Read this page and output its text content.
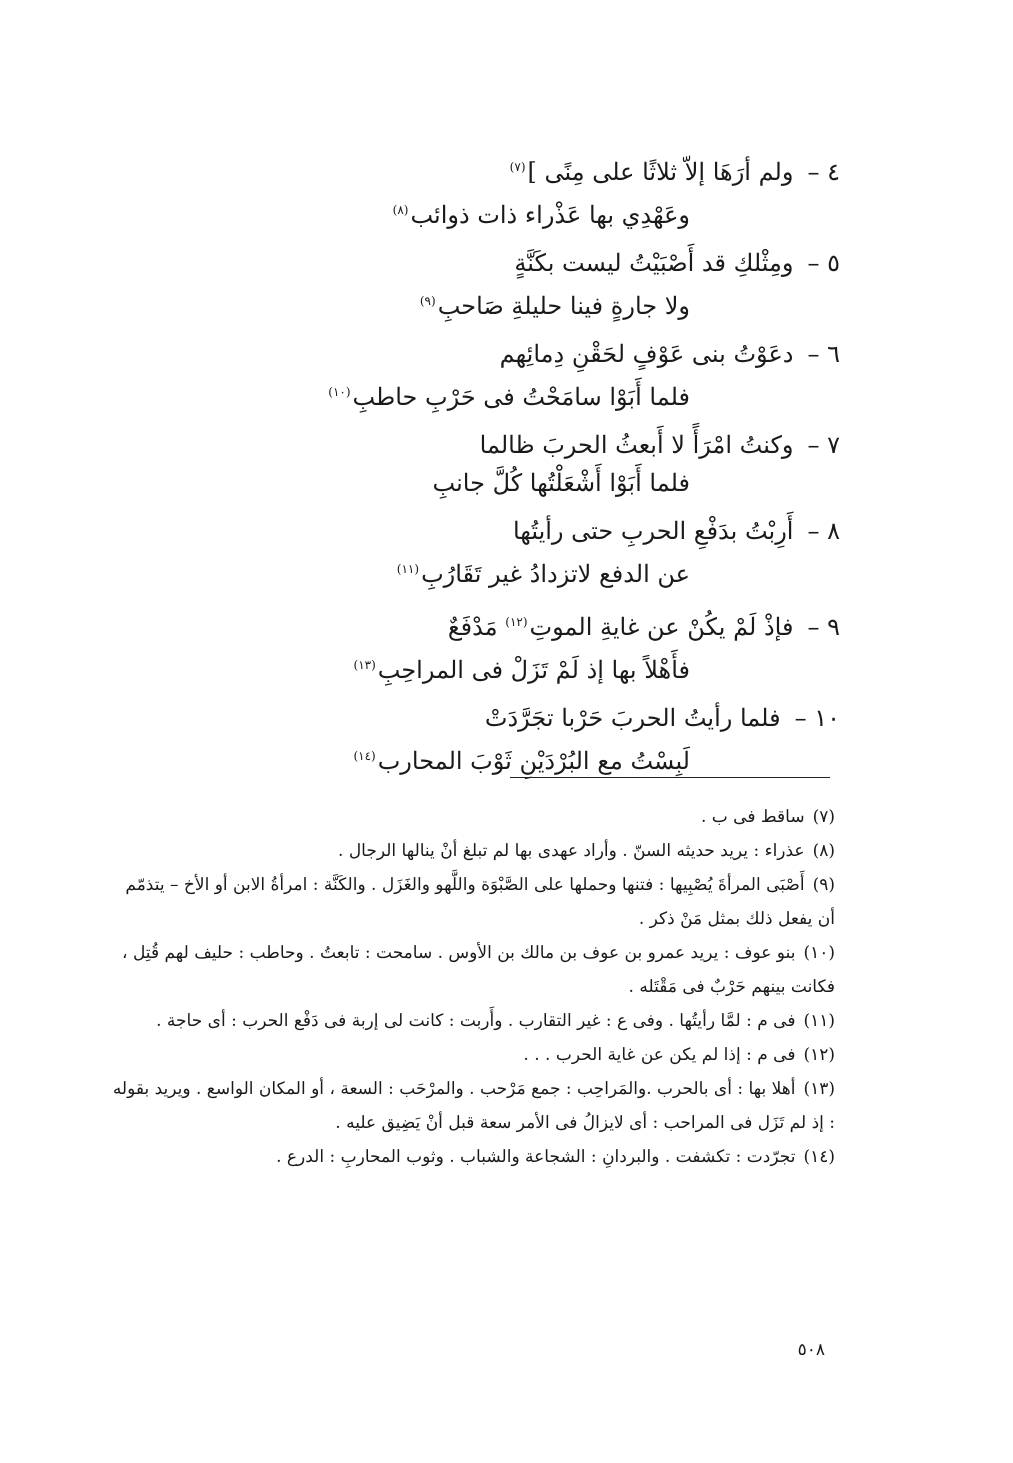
٤ –ولم أرَهَا إلاّ ثلاثًا على مِنًى ]$^{(٧)}$
وعَهْدِي بها عَذْراء ذات ذوائب$^{(٨)}$
٥ –ومِثْلكِ قد أَصْبَيْتُ ليست بكَنَّةٍ
ولا جارةٍ فينا حليلةِ صَاحبِ$^{(٩)}$
٦ –دعَوْتُ بنى عَوْفٍ لحَقْنِ دِمائِهم
فلما أَبَوْا سامَحْتُ فى حَرْبِ حاطبِ$^{(١٠)}$
٧ –وكنتُ امْرَأً لا أَبعثُ الحربَ ظالما
فلما أَبَوْا أَشْعَلْتُها كُلَّ جانبِ
٨ –أَرِبْتُ بدَفْعِ الحربِ حتى رأيتُها
عن الدفع لاتزدادُ غير تَقَارُبِ$^{(١١)}$
٩ –فإذْ لَمْ يكُنْ عن غايةِ الموتِ$^{(١٢)}$ مَدْفَعٌ
فأَهْلاً بها إذ لَمْ تَزَلْ فى المراحِبِ$^{(١٣)}$
١٠ –فلما رأيتُ الحربَ حَرْبا تجَرَّدَتْ
لَبِسْتُ مع البُرْدَيْنِ ثَوْبَ المحارب$^{(١٤)}$

(٧)ساقط فى ب .

(٨)عذراء : يريد حديثه السنّ . وأراد عهدى بها لم تبلغ أنْ ينالها الرجال .

(٩)أَصْبَى المرأةَ يُصْبِيها : فتنها وحملها على الصَّبْوَة واللَّهو والغَزَل . والكَنَّة : امرأةُ الابن أو الأخ – يتذمّم أن يفعل ذلك بمثل مَنْ ذكر .

(١٠)بنو عوف : يريد عمرو بن عوف بن مالك بن الأوس . سامحت : تابعتُ . وحاطب : حليف لهم قُتِل ، فكانت بينهم حَرْبٌ فى مَقْتَله .

(١١)فى م : لمَّا رأيتُها . وفى ع : غير التقارب . وأَربت : كانت لى إربة فى دَفْع الحرب : أى حاجة .

(١٢)فى م : إذا لم يكن عن غاية الحرب . . .

(١٣)أهلا بها : أى بالحرب .والمَراحِب : جمع مَرْحب . والمرْحَب : السعة ، أو المكان الواسع . ويريد بقوله : إذ لم تَزَل فى المراحب : أى لايزالُ فى الأمر سعة قبل أنْ يَضِيق عليه .

(١٤)تجرّدت : تكشفت . والبردانِ : الشجاعة والشباب . وثوب المحاربِ : الدرع .

٥٠٨
